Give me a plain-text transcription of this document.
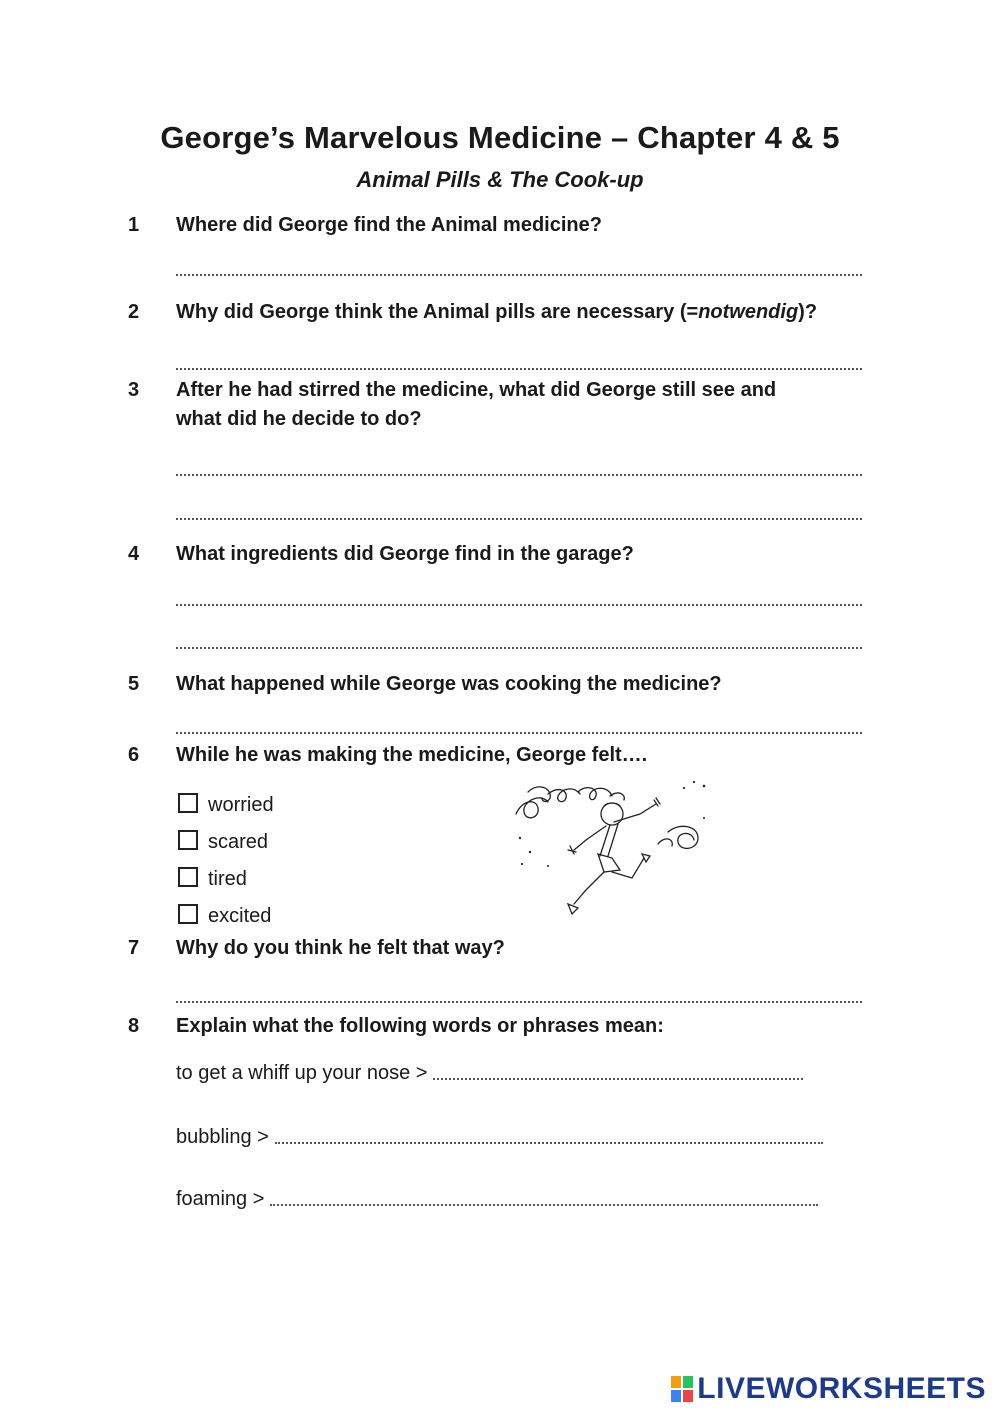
George’s Marvelous Medicine – Chapter 4 & 5
Animal Pills & The Cook-up
1 Where did George find the Animal medicine?
2 Why did George think the Animal pills are necessary (=notwendig)?
3 After he had stirred the medicine, what did George still see and
what did he decide to do?
4 What ingredients did George find in the garage?
5 What happened while George was cooking the medicine?
6 While he was making the medicine, George felt….
worried
scared
tired
excited
7 Why do you think he felt that way?
8 Explain what the following words or phrases mean:
to get a whiff up your nose >
bubbling >
foaming >
LIVEWORKSHEETS
